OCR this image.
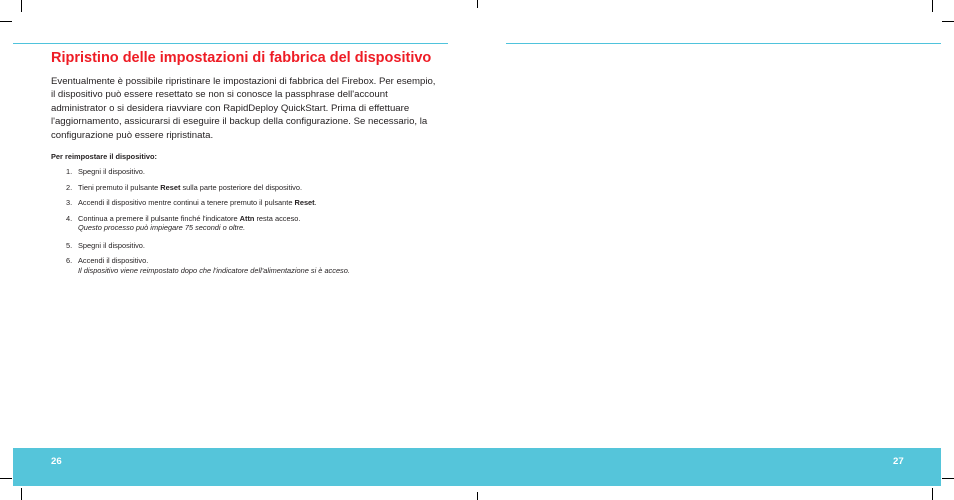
Ripristino delle impostazioni di fabbrica del dispositivo

Eventualmente è possibile ripristinare le impostazioni di fabbrica del Firebox. Per esempio, il dispositivo può essere resettato se non si conosce la passphrase dell'account administrator o si desidera riavviare con RapidDeploy QuickStart. Prima di effettuare l'aggiornamento, assicurarsi di eseguire il backup della configurazione. Se necessario, la configurazione può essere ripristinata.

Per reimpostare il dispositivo:

1. Spegni il dispositivo.
2. Tieni premuto il pulsante Reset sulla parte posteriore del dispositivo.
3. Accendi il dispositivo mentre continui a tenere premuto il pulsante Reset.
4. Continua a premere il pulsante finché l'indicatore Attn resta acceso.
Questo processo può impiegare 75 secondi o oltre.
5. Spegni il dispositivo.
6. Accendi il dispositivo.
Il dispositivo viene reimpostato dopo che l'indicatore dell'alimentazione si è acceso.
26	27
